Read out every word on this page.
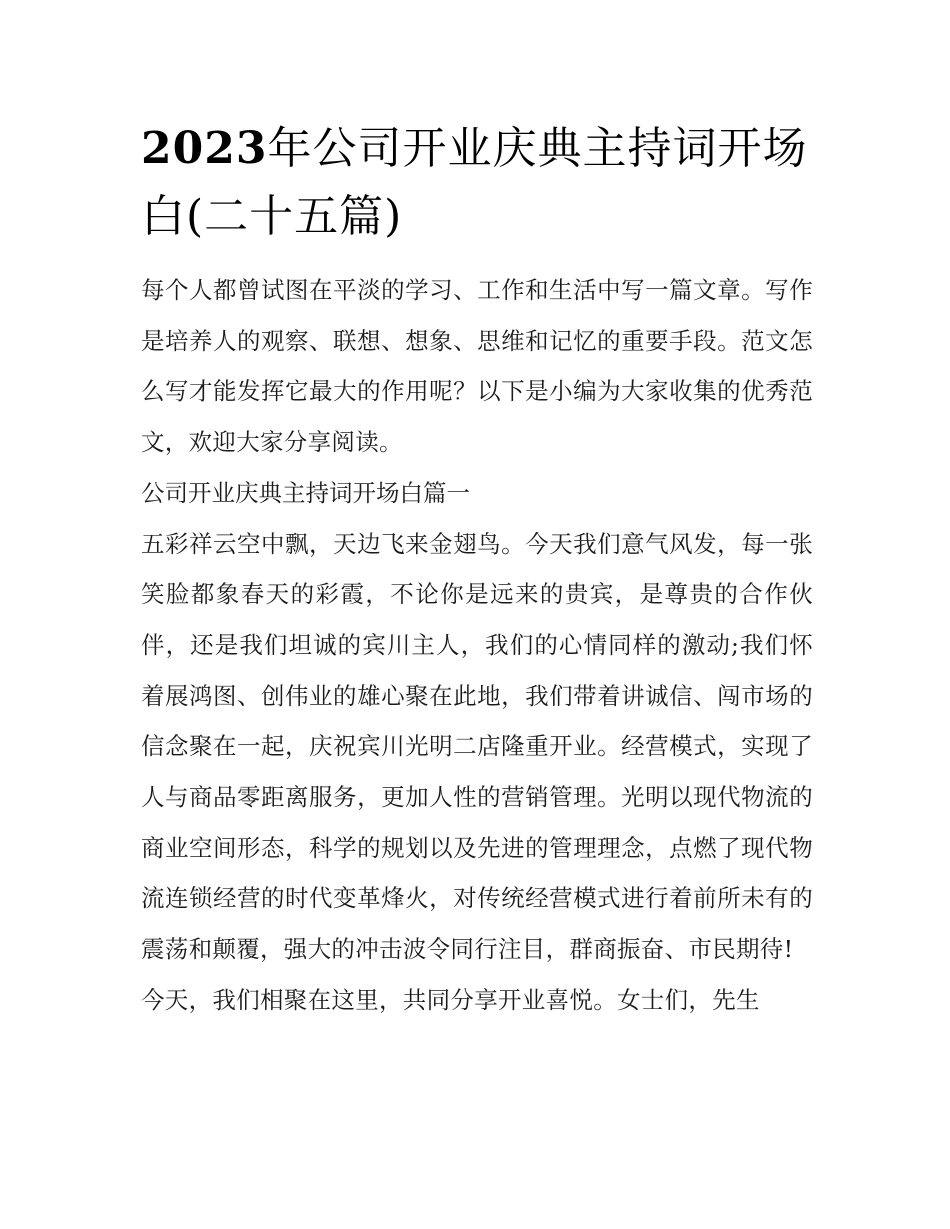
2023年公司开业庆典主持词开场白(二十五篇)

每个人都曾试图在平淡的学习、工作和生活中写一篇文章。写作是培养人的观察、联想、想象、思维和记忆的重要手段。范文怎么写才能发挥它最大的作用呢？以下是小编为大家收集的优秀范文，欢迎大家分享阅读。

公司开业庆典主持词开场白篇一

五彩祥云空中飘，天边飞来金翅鸟。今天我们意气风发，每一张笑脸都象春天的彩霞，不论你是远来的贵宾，是尊贵的合作伙伴，还是我们坦诚的宾川主人，我们的心情同样的激动;我们怀着展鸿图、创伟业的雄心聚在此地，我们带着讲诚信、闯市场的信念聚在一起，庆祝宾川光明二店隆重开业。经营模式，实现了人与商品零距离服务，更加人性的营销管理。光明以现代物流的商业空间形态，科学的规划以及先进的管理理念，点燃了现代物流连锁经营的时代变革烽火，对传统经营模式进行着前所未有的震荡和颠覆，强大的冲击波令同行注目，群商振奋、市民期待!

今天，我们相聚在这里，共同分享开业喜悦。女士们，先生
